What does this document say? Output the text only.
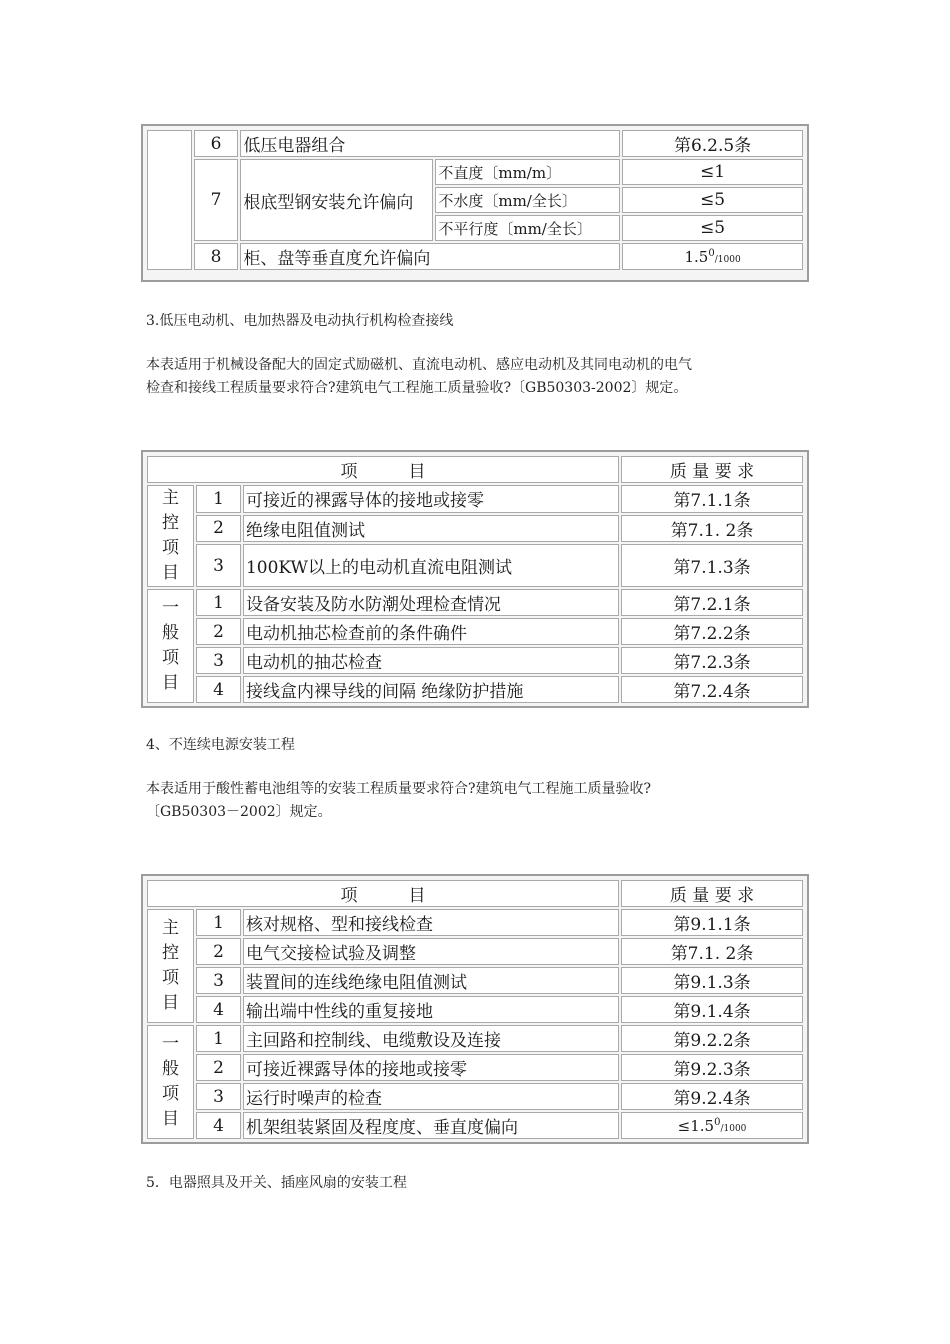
	6	低压电器组合		第6.2.5条
	7	根底型钢安装允许偏向	不直度〔mm/m〕	≤1
			不水度〔mm/全长〕	≤5
			不平行度〔mm/全长〕	≤5
	8	柜、盘等垂直度允许偏向		$1.5^0/1000$
3.低压电动机、电加热器及电动执行机构检查接线
本表适用于机械设备配大的固定式励磁机、直流电动机、感应电动机及其同电动机的电气
检查和接线工程质量要求符合?建筑电气工程施工质量验收?〔GB50303-2002〕规定。
项　　　目			质 量 要 求

主
控
项
目	1	可接近的裸露导体的接地或接零	第7.1.1条
	2	绝缘电阻值测试	第7.1. 2条
	3	100KW以上的电动机直流电阻测试	第7.1.3条

一
般
项
目	1	设备安装及防水防潮处理检查情况	第7.2.1条
	2	电动机抽芯检查前的条件确件	第7.2.2条
	3	电动机的抽芯检查	第7.2.3条
	4	接线盒内裸导线的间隔 绝缘防护措施	第7.2.4条
4、不连续电源安装工程
本表适用于酸性蓄电池组等的安装工程质量要求符合?建筑电气工程施工质量验收?
〔GB50303－2002〕规定。
项　　　目			质 量 要 求

主
控
项
目	1	核对规格、型和接线检查	第9.1.1条
	2	电气交接检试验及调整	第7.1. 2条
	3	装置间的连线绝缘电阻值测试	第9.1.3条
	4	输出端中性线的重复接地	第9.1.4条

一
般
项
目	1	主回路和控制线、电缆敷设及连接	第9.2.2条
	2	可接近裸露导体的接地或接零	第9.2.3条
	3	运行时噪声的检查	第9.2.4条
	4	机架组装紧固及程度度、垂直度偏向	$\le 1.5^0/1000$
5．电器照具及开关、插座风扇的安装工程
